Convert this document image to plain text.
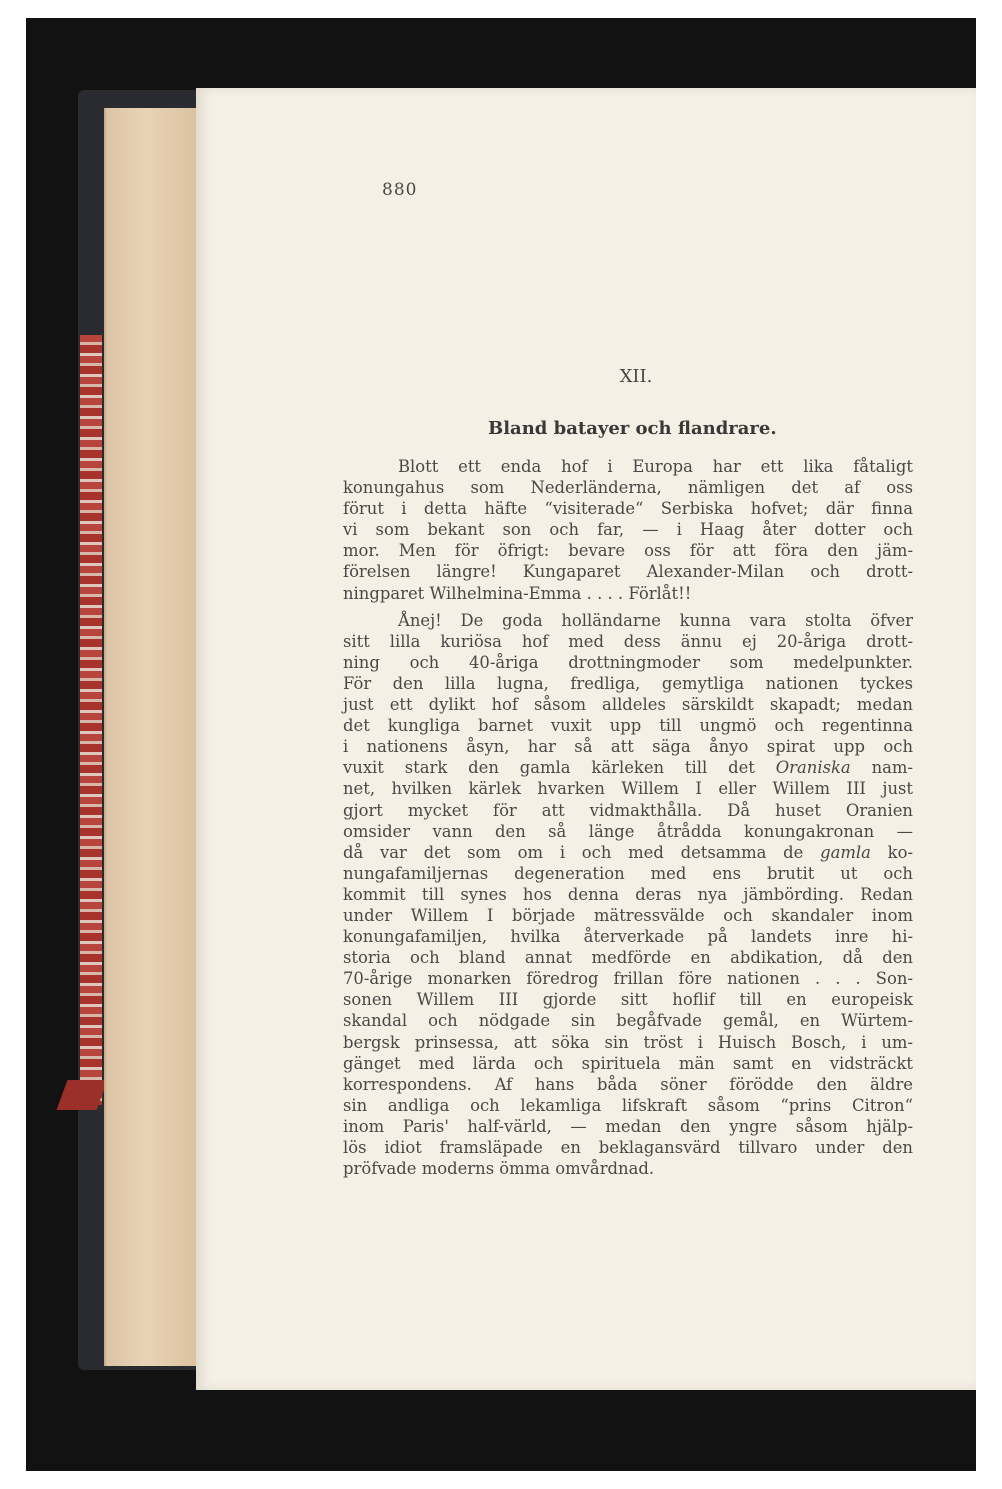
880
XII.
Bland batayer och flandrare.
Blott ett enda hof i Europa har ett lika fåtaligt
konungahus som Nederländerna, nämligen det af oss
förut i detta häfte “visiterade“ Serbiska hofvet; där finna
vi som bekant son och far, — i Haag åter dotter och
mor. Men för öfrigt: bevare oss för att föra den jäm-
förelsen längre! Kungaparet Alexander-Milan och drott-
ningparet Wilhelmina-Emma . . . . Förlåt!!
Ånej! De goda holländarne kunna vara stolta öfver
sitt lilla kuriösa hof med dess ännu ej 20-åriga drott-
ning och 40-åriga drottningmoder som medelpunkter.
För den lilla lugna, fredliga, gemytliga nationen tyckes
just ett dylikt hof såsom alldeles särskildt skapadt; medan
det kungliga barnet vuxit upp till ungmö och regentinna
i nationens åsyn, har så att säga ånyo spirat upp och
vuxit stark den gamla kärleken till det Oraniska nam-
net, hvilken kärlek hvarken Willem I eller Willem III just
gjort mycket för att vidmakthålla. Då huset Oranien
omsider vann den så länge åtrådda konungakronan —
då var det som om i och med detsamma de gamla ko-
nungafamiljernas degeneration med ens brutit ut och
kommit till synes hos denna deras nya jämbörding. Redan
under Willem I började mätressvälde och skandaler inom
konungafamiljen, hvilka återverkade på landets inre hi-
storia och bland annat medförde en abdikation, då den
70-årige monarken föredrog frillan före nationen . . . Son-
sonen Willem III gjorde sitt hoflif till en europeisk
skandal och nödgade sin begåfvade gemål, en Würtem-
bergsk prinsessa, att söka sin tröst i Huisch Bosch, i um-
gänget med lärda och spirituela män samt en vidsträckt
korrespondens. Af hans båda söner förödde den äldre
sin andliga och lekamliga lifskraft såsom “prins Citron“
inom Paris' half-värld, — medan den yngre såsom hjälp-
lös idiot framsläpade en beklagansvärd tillvaro under den
pröfvade moderns ömma omvårdnad.
